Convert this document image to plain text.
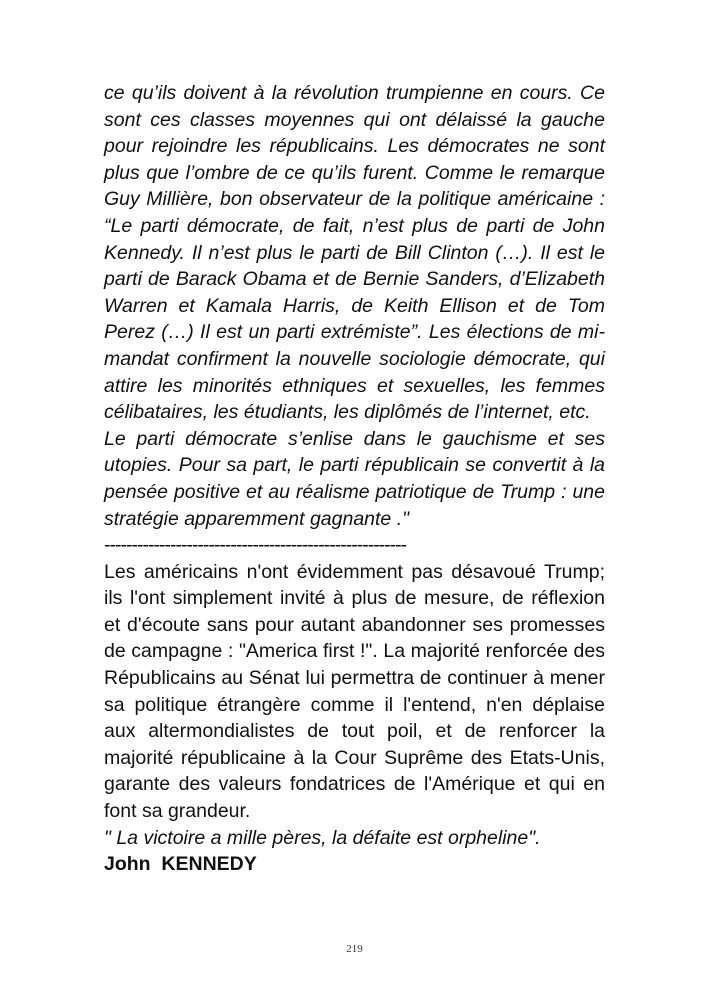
ce qu’ils doivent à la révolution trumpienne en cours. Ce sont ces classes moyennes qui ont délaissé la gauche pour rejoindre les républicains. Les démocrates ne sont plus que l’ombre de ce qu’ils furent. Comme le remarque Guy Millière, bon observateur de la politique américaine : “Le parti démocrate, de fait, n’est plus de parti de John Kennedy. Il n’est plus le parti de Bill Clinton (…). Il est le parti de Barack Obama et de Bernie Sanders, d’Elizabeth Warren et Kamala Harris, de Keith Ellison et de Tom Perez (…) Il est un parti extrémiste”. Les élections de mi-mandat confirment la nouvelle sociologie démocrate, qui attire les minorités ethniques et sexuelles, les femmes célibataires, les étudiants, les diplômés de l’internet, etc.

Le parti démocrate s’enlise dans le gauchisme et ses utopies. Pour sa part, le parti républicain se convertit à la pensée positive et au réalisme patriotique de Trump : une stratégie apparemment gagnante ."

-------------------------------------------------------

Les américains n'ont évidemment pas désavoué Trump; ils l'ont simplement invité à plus de mesure, de réflexion et d'écoute sans pour autant abandonner ses promesses de campagne : "America first !". La majorité renforcée des Républicains au Sénat lui permettra de continuer à mener sa politique étrangère comme il l'entend, n'en déplaise aux altermondialistes de tout poil, et de renforcer la majorité républicaine à la Cour Suprême des Etats-Unis, garante des valeurs fondatrices de l'Amérique et qui en font sa grandeur.

" La victoire a mille pères, la défaite est orpheline".

John  KENNEDY

219
